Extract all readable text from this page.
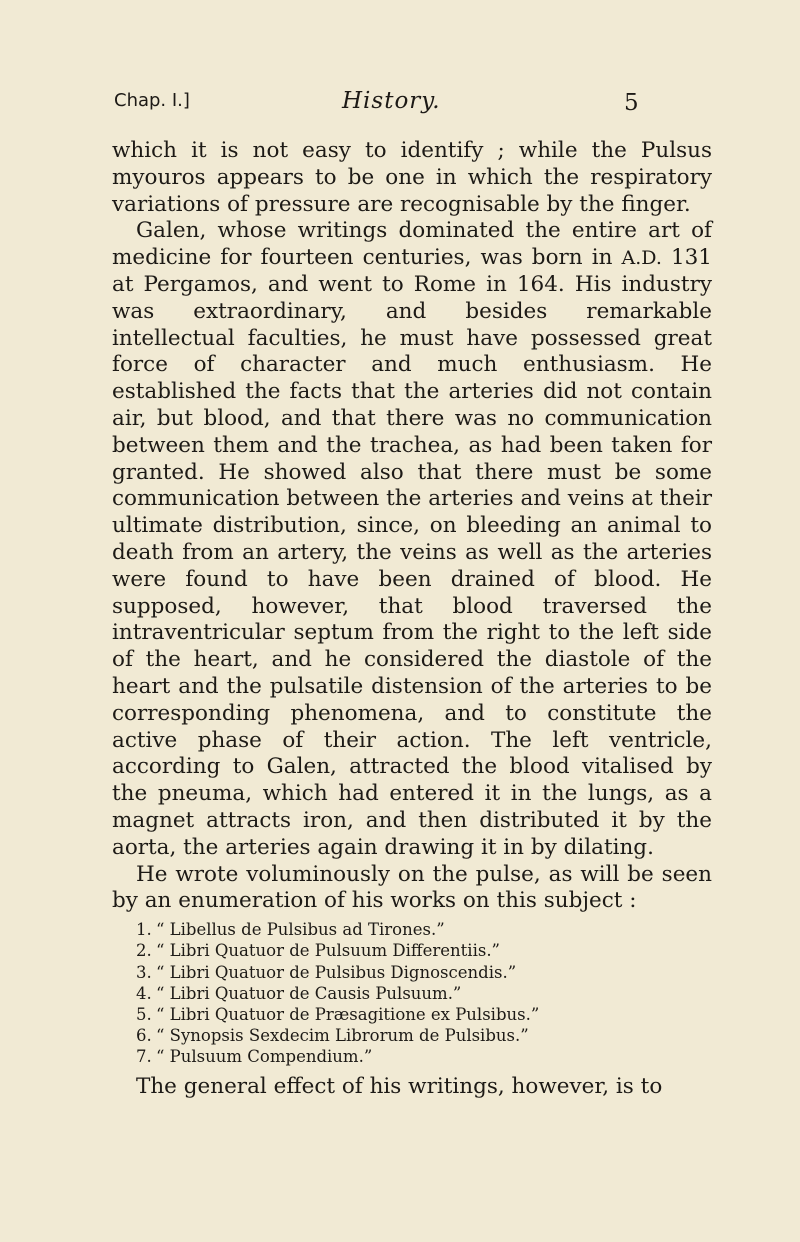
Chap. I.]	History.	5

which it is not easy to identify ; while the Pulsus myouros appears to be one in which the respiratory variations of pressure are recognisable by the finger.

Galen, whose writings dominated the entire art of medicine for fourteen centuries, was born in A.D. 131 at Pergamos, and went to Rome in 164. His industry was extraordinary, and besides remarkable intellectual faculties, he must have possessed great force of character and much enthusiasm. He established the facts that the arteries did not contain air, but blood, and that there was no communication between them and the trachea, as had been taken for granted. He showed also that there must be some communication between the arteries and veins at their ultimate distribution, since, on bleeding an animal to death from an artery, the veins as well as the arteries were found to have been drained of blood. He supposed, however, that blood traversed the intraventricular septum from the right to the left side of the heart, and he considered the diastole of the heart and the pulsatile distension of the arteries to be corresponding phenomena, and to constitute the active phase of their action. The left ventricle, according to Galen, attracted the blood vitalised by the pneuma, which had entered it in the lungs, as a magnet attracts iron, and then distributed it by the aorta, the arteries again drawing it in by dilating.

He wrote voluminously on the pulse, as will be seen by an enumeration of his works on this subject :

1. “ Libellus de Pulsibus ad Tirones.”
2. “ Libri Quatuor de Pulsuum Differentiis.”
3. “ Libri Quatuor de Pulsibus Dignoscendis.”
4. “ Libri Quatuor de Causis Pulsuum.”
5. “ Libri Quatuor de Præsagitione ex Pulsibus.”
6. “ Synopsis Sexdecim Librorum de Pulsibus.”
7. “ Pulsuum Compendium.”

The general effect of his writings, however, is to
